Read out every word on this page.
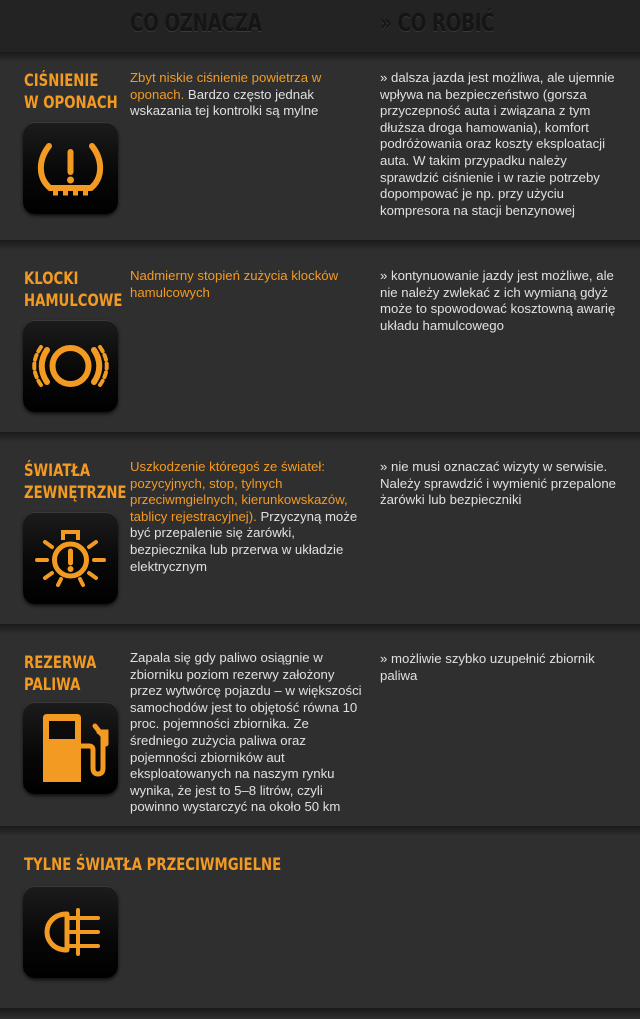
CO OZNACZA	» CO ROBIĆ
CIŚNIENIE
W OPONACH
Zbyt niskie ciśnienie powietrza w oponach. Bardzo często jednak wskazania tej kontrolki są mylne
» dalsza jazda jest możliwa, ale ujemnie wpływa na bezpieczeństwo (gorsza przyczepność auta i związana z tym dłuższa droga hamowania), komfort podróżowania oraz koszty eksploatacji auta. W takim przypadku należy sprawdzić ciśnienie i w razie potrzeby dopompować je np. przy użyciu kompresora na stacji benzynowej
KLOCKI
HAMULCOWE
Nadmierny stopień zużycia klocków hamulcowych
» kontynuowanie jazdy jest możliwe, ale nie należy zwlekać z ich wymianą gdyż może to spowodować kosztowną awarię układu hamulcowego
ŚWIATŁA
ZEWNĘTRZNE
Uszkodzenie któregoś ze świateł: pozycyjnych, stop, tylnych przeciwmgielnych, kierunkowskazów, tablicy rejestracyjnej). Przyczyną może być przepalenie się żarówki, bezpiecznika lub przerwa w układzie elektrycznym
» nie musi oznaczać wizyty w serwisie. Należy sprawdzić i wymienić przepalone żarówki lub bezpieczniki
REZERWA
PALIWA
Zapala się gdy paliwo osiągnie w zbiorniku poziom rezerwy założony przez wytwórcę pojazdu – w większości samochodów jest to objętość równa 10 proc. pojemności zbiornika. Ze średniego zużycia paliwa oraz pojemności zbiorników aut eksploatowanych na naszym rynku wynika, że jest to 5–8 litrów, czyli powinno wystarczyć na około 50 km
» możliwie szybko uzupełnić zbiornik paliwa
TYLNE ŚWIATŁA PRZECIWMGIELNE
